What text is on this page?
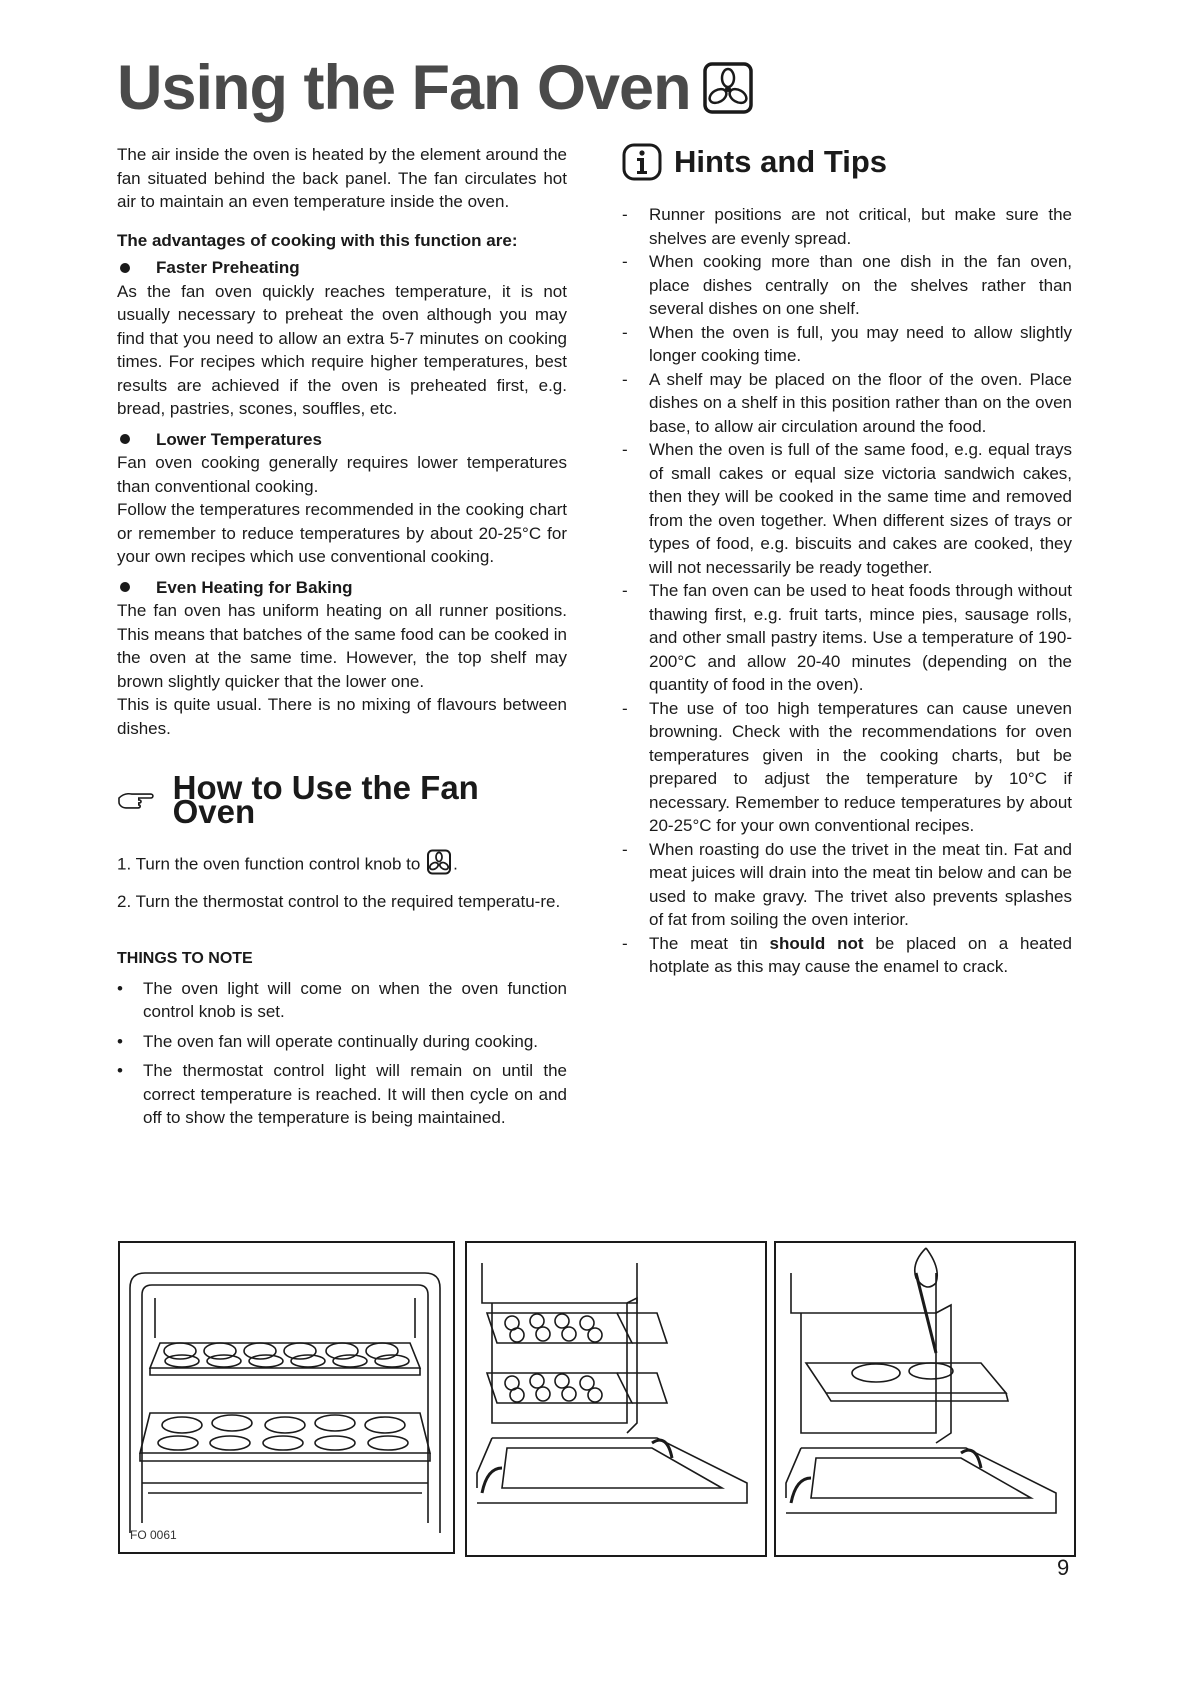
Using the Fan Oven

The air inside the oven is heated by the element around the fan situated behind the back panel. The fan circulates hot air to maintain an even temperature inside the oven.

The advantages of cooking with this function are:

Faster Preheating

As the fan oven quickly reaches temperature, it is not usually necessary to preheat the oven although you may find that you need to allow an extra 5-7 minutes on cooking times. For recipes which require higher temperatures, best results are achieved if the oven is preheated first, e.g. bread, pastries, scones, souffles, etc.

Lower Temperatures

Fan oven cooking generally requires lower temperatures than conventional cooking.

Follow the temperatures recommended in the cooking chart or remember to reduce temperatures by about 20-25°C for your own recipes which use conventional cooking.

Even Heating for Baking

The fan oven has uniform heating on all runner positions. This means that batches of the same food can be cooked in the oven at the same time. However, the top shelf may brown slightly quicker that the lower one.

This is quite usual. There is no mixing of flavours between dishes.

How to Use the Fan Oven

1. Turn the oven function control knob to .

2. Turn the thermostat control to the required temperatu-re.

THINGS TO NOTE
•	The oven light will come on when the oven function control knob is set.
•	The oven fan will operate continually during cooking.
•	The thermostat control light will remain on until the correct temperature is reached. It will then cycle on and off to show the temperature is being maintained.
Hints and Tips
-	Runner positions are not critical, but make sure the shelves are evenly spread.
-	When cooking more than one dish in the fan oven, place dishes centrally on the shelves rather than several dishes on one shelf.
-	When the oven is full, you may need to allow slightly longer cooking time.
-	A shelf may be placed on the floor of the oven. Place dishes on a shelf in this position rather than on the oven base, to allow air circulation around the food.
-	When the oven is full of the same food, e.g. equal trays of small cakes or equal size victoria sandwich cakes, then they will be cooked in the same time and removed from the oven together. When different sizes of trays or types of food, e.g. biscuits and cakes are cooked, they will not necessarily be ready together.
-	The fan oven can be used to heat foods through without thawing first, e.g. fruit tarts, mince pies, sausage rolls, and other small pastry items. Use a temperature of 190-200°C and allow 20-40 minutes (depending on the quantity of food in the oven).
-	The use of too high temperatures can cause uneven browning. Check with the recommendations for oven temperatures given in the cooking charts, but be prepared to adjust the temperature by 10°C if necessary. Remember to reduce temperatures by about 20-25°C for your own conventional recipes.
-	When roasting do use the trivet in the meat tin. Fat and meat juices will drain into the meat tin below and can be used to make gravy. The trivet also prevents splashes of fat from soiling the oven interior.
-	The meat tin should not be placed on a heated hotplate as this may cause the enamel to crack.
FO 0061
9
